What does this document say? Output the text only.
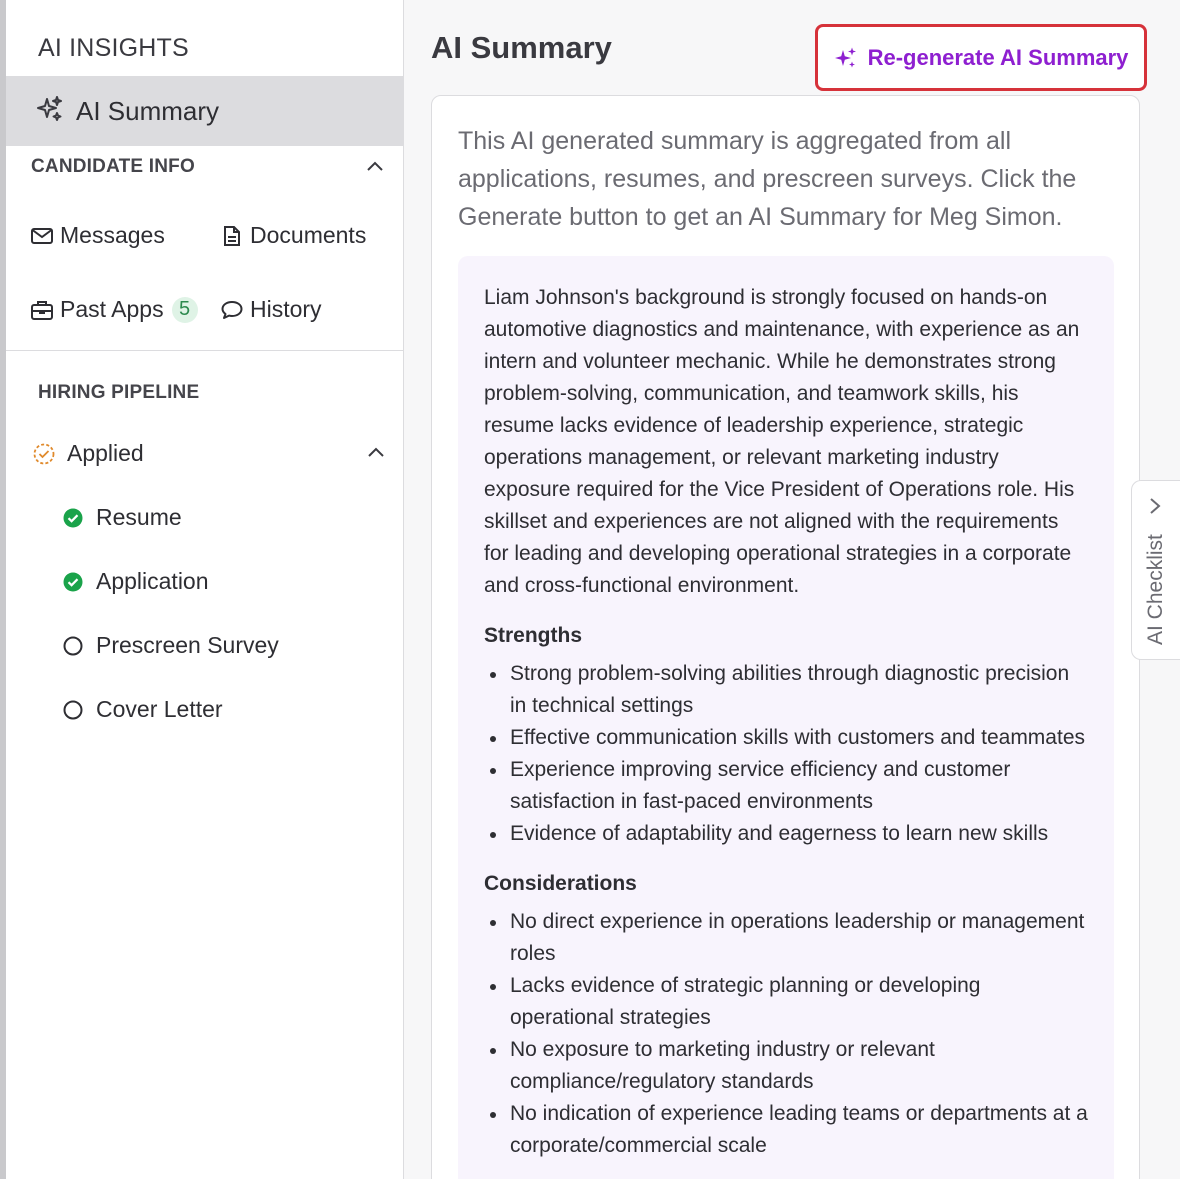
AI INSIGHTS
AI Summary
CANDIDATE INFO
Messages	Documents
Past Apps 5	History
HIRING PIPELINE
Applied
Resume
Application
Prescreen Survey
Cover Letter
AI Summary	Re-generate AI Summary

This AI generated summary is aggregated from all applications, resumes, and prescreen surveys. Click the Generate button to get an AI Summary for Meg Simon.

Liam Johnson's background is strongly focused on hands-on automotive diagnostics and maintenance, with experience as an intern and volunteer mechanic. While he demonstrates strong problem-solving, communication, and teamwork skills, his resume lacks evidence of leadership experience, strategic operations management, or relevant marketing industry exposure required for the Vice President of Operations role. His skillset and experiences are not aligned with the requirements for leading and developing operational strategies in a corporate and cross-functional environment.

Strengths
Strong problem-solving abilities through diagnostic precision in technical settings
Effective communication skills with customers and teammates
Experience improving service efficiency and customer satisfaction in fast-paced environments
Evidence of adaptability and eagerness to learn new skills
Considerations
No direct experience in operations leadership or management roles
Lacks evidence of strategic planning or developing operational strategies
No exposure to marketing industry or relevant compliance/regulatory standards
No indication of experience leading teams or departments at a corporate/commercial scale
AI Checklist
